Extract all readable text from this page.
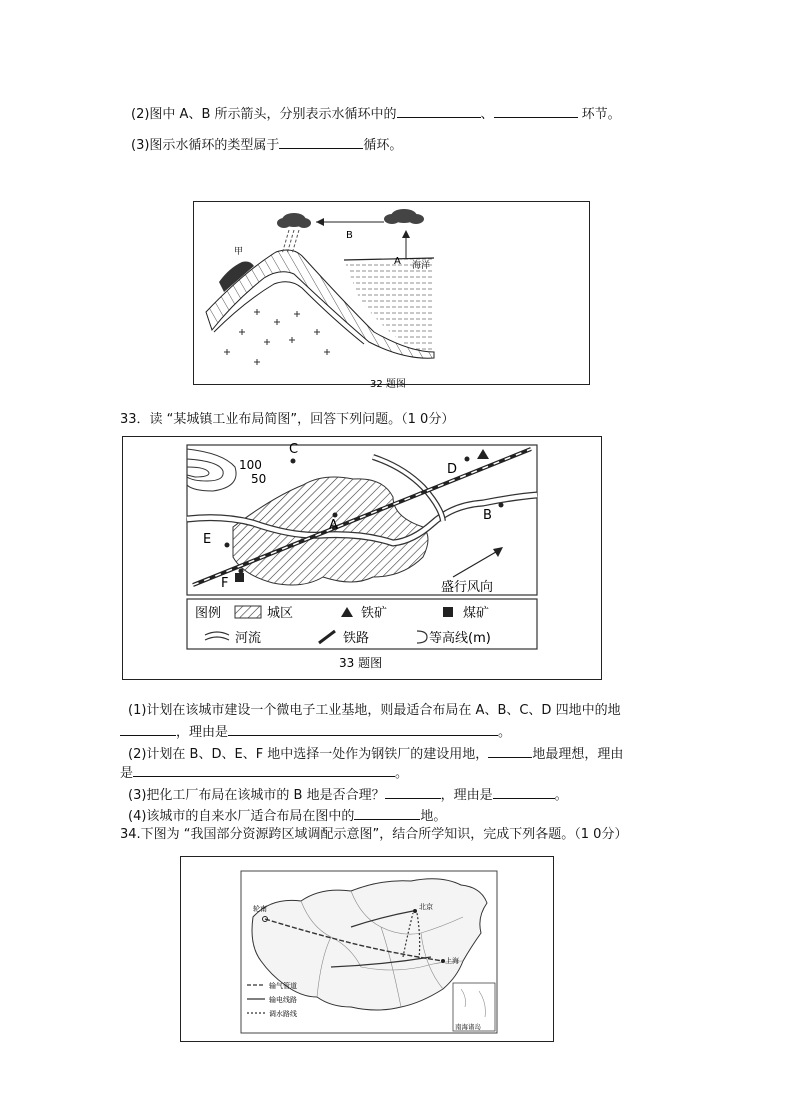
(2)图中 A、B 所示箭头，分别表示水循环中的	、	环节。
(3)图示水循环的类型属于	循环。
B
A
甲
海洋
32 题图
33．读 “某城镇工业布局简图”，回答下列问题。（1 0分）
100
50
C
A
D
B
E
F	盛行风向
图例	城区	铁矿	煤矿
河流	铁路	等高线(m)
33 题图
(1)计划在该城市建设一个微电子工业基地，则最适合布局在 A、B、C、D 四地中的地
，理由是	。
(2)计划在 B、D、E、F 地中选择一处作为钢铁厂的建设用地，	地最理想，理由
是	。
(3)把化工厂布局在该城市的 B 地是否合理？	，理由是	。
(4)该城市的自来水厂适合布局在图中的	地。
34.下图为 “我国部分资源跨区域调配示意图”，结合所学知识，完成下列各题。（1 0分）
轮南	北京
上海
输气管道
输电线路
调水路线
南海诸岛
